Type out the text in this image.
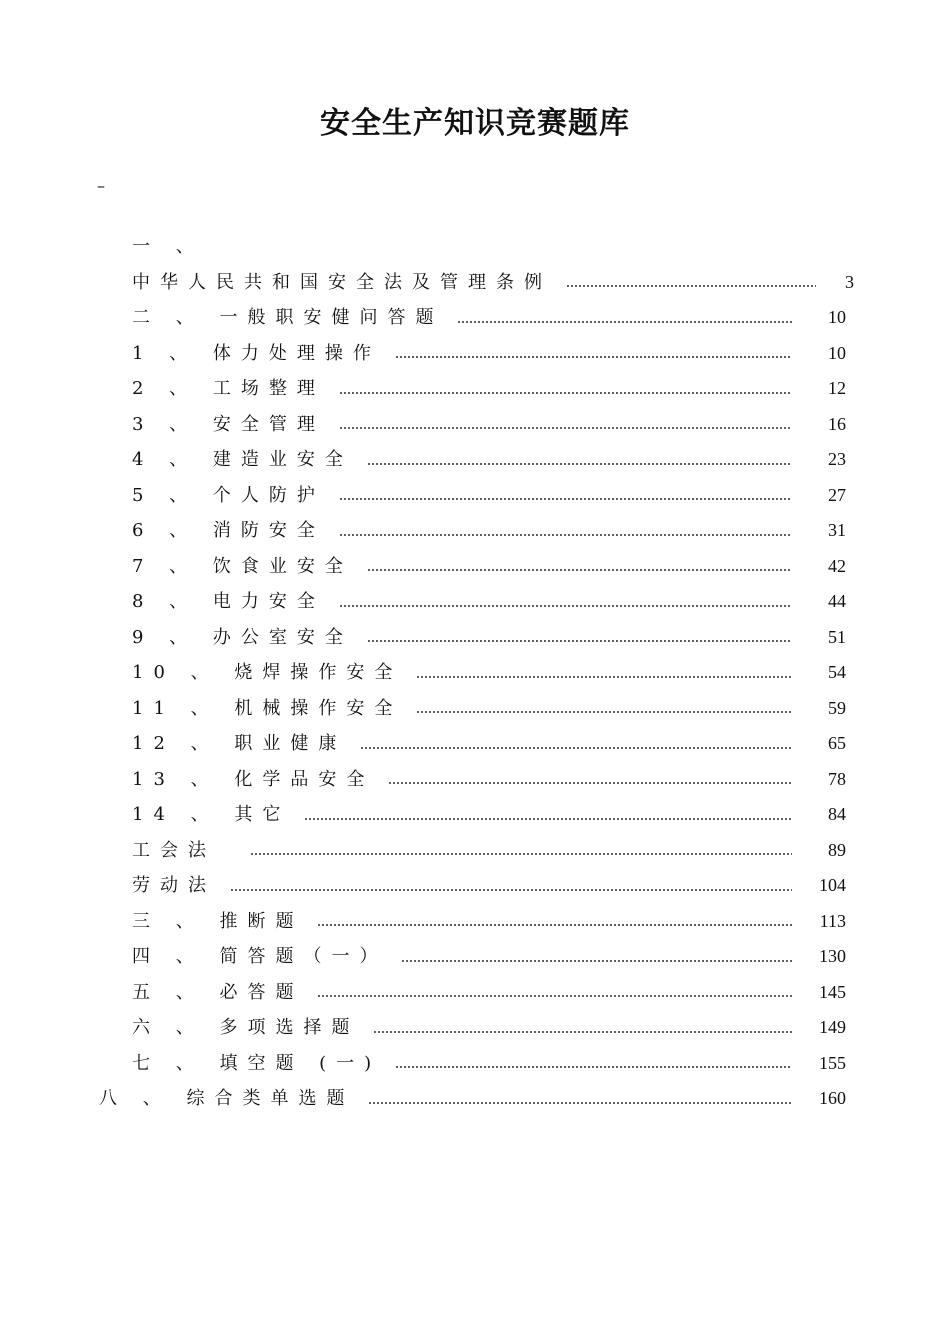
安全生产知识竞赛题库
–
一 、
中华人民共和国安全法及管理条例	3
二 、 一般职安健问答题	10
1 、 体力处理操作	10
2 、 工场整理	12
3 、 安全管理	16
4 、 建造业安全	23
5 、 个人防护	27
6 、 消防安全	31
7 、 饮食业安全	42
8 、 电力安全	44
9 、 办公室安全	51
10 、 烧焊操作安全	54
11 、 机械操作安全	59
12 、 职业健康	65
13 、 化学品安全	78
14 、 其它	84
工会法	89
劳动法	104
三 、 推断题	113
四 、 简答题（一）	130
五 、 必答题	145
六 、 多项选择题	149
七 、 填空题 (一)	155
八 、 综合类单选题	160
